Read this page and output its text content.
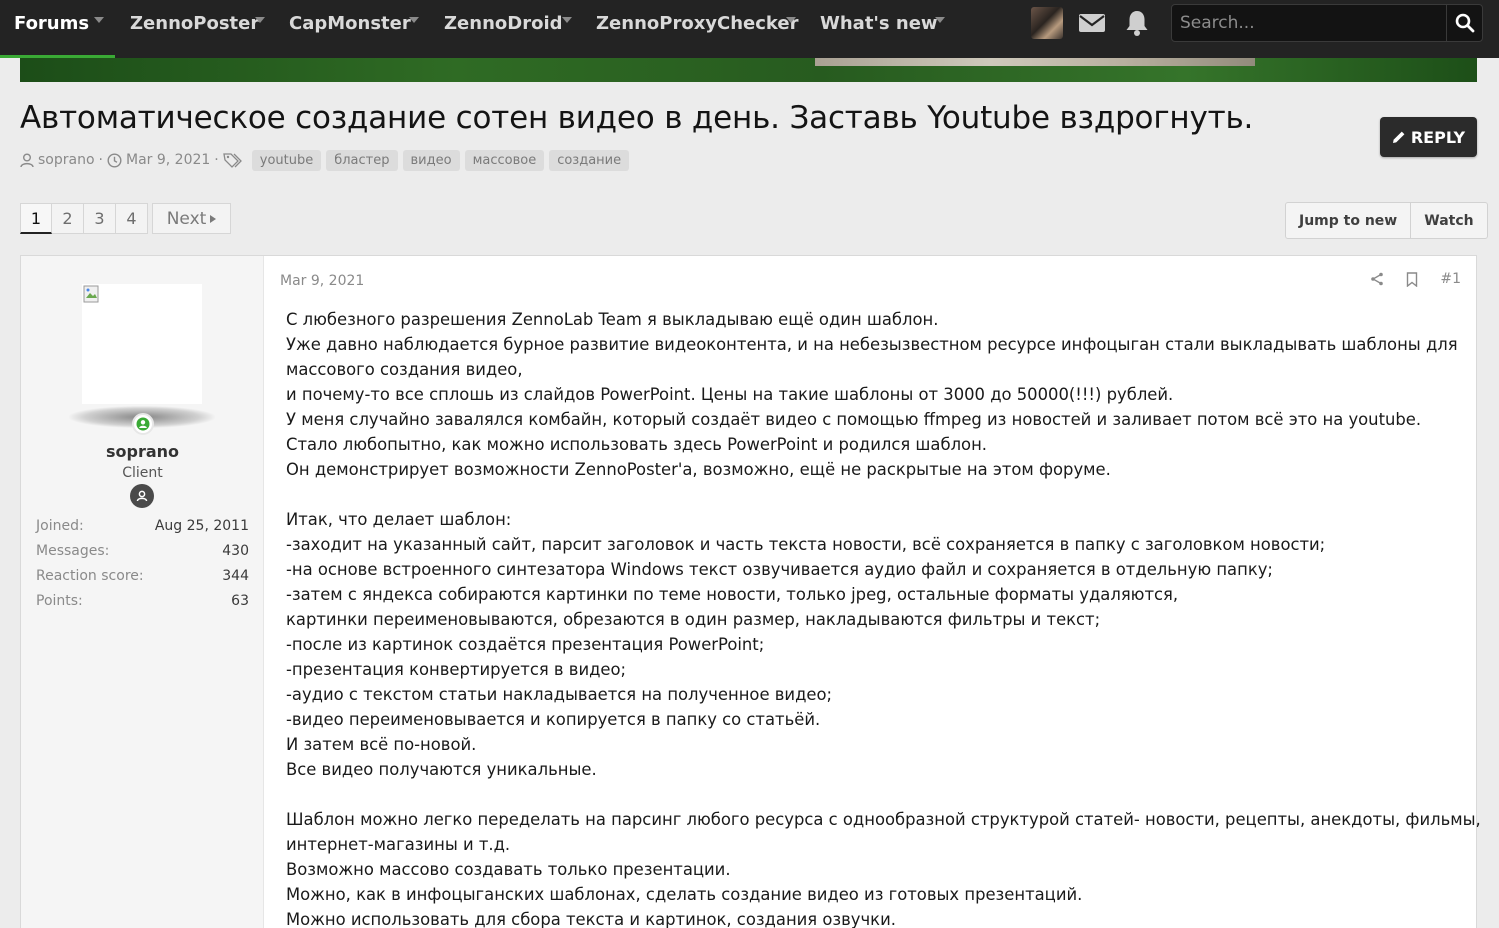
Forums ZennoPoster CapMonster ZennoDroid ZennoProxyChecker What's new
Search...
Автоматическое создание сотен видео в день. Заставь Youtube вздрогнуть.
soprano · Mar 9, 2021 ·	youtube	бластер	видео	массовое	создание
REPLY
1	2	3	4	Next	Jump to new	Watch
soprano
Client
Joined:	Aug 25, 2011
Messages:	430
Reaction score:	344
Points:	63
Mar 9, 2021	#1
С любезного разрешения ZennoLab Team я выкладываю ещё один шаблон.
Уже давно наблюдается бурное развитие видеоконтента, и на небезызвестном ресурсе инфоцыган стали выкладывать шаблоны для
массового создания видео,
и почему-то все сплошь из слайдов PowerPoint. Цены на такие шаблоны от 3000 до 50000(!!!) рублей.
У меня случайно завалялся комбайн, который создаёт видео с помощью ffmpeg из новостей и заливает потом всё это на youtube.
Стало любопытно, как можно использовать здесь PowerPoint и родился шаблон.
Он демонстрирует возможности ZennoPoster'а, возможно, ещё не раскрытые на этом форуме.
Итак, что делает шаблон:
-заходит на указанный сайт, парсит заголовок и часть текста новости, всё сохраняется в папку с заголовком новости;
-на основе встроенного синтезатора Windows текст озвучивается аудио файл и сохраняется в отдельную папку;
-затем с яндекса собираются картинки по теме новости, только jpeg, остальные форматы удаляются,
картинки переименовываются, обрезаются в один размер, накладываются фильтры и текст;
-после из картинок создаётся презентация PowerPoint;
-презентация конвертируется в видео;
-аудио с текстом статьи накладывается на полученное видео;
-видео переименовывается и копируется в папку со статьёй.
И затем всё по-новой.
Все видео получаются уникальные.
Шаблон можно легко переделать на парсинг любого ресурса с однообразной структурой статей- новости, рецепты, анекдоты, фильмы,
интернет-магазины и т.д.
Возможно массово создавать только презентации.
Можно, как в инфоцыганских шаблонах, сделать создание видео из готовых презентаций.
Можно использовать для сбора текста и картинок, создания озвучки.
